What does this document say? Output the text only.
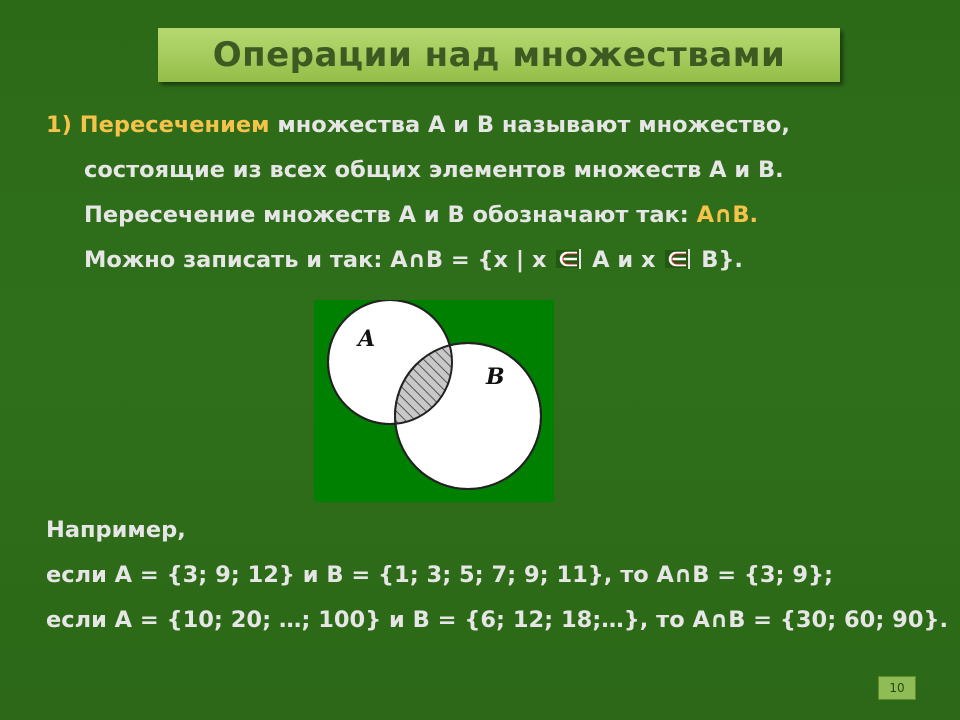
Операции над множествами
1) Пересечением множества А и В называют множество,
состоящие из всех общих элементов множеств А и В.
Пересечение множеств А и В обозначают так: А∩В.
Можно записать и так: А∩В = {х | х А и х В}.
A
B
Например,
если А = {3; 9; 12} и В = {1; 3; 5; 7; 9; 11}, то А∩В = {3; 9};
если А = {10; 20; …; 100} и В = {6; 12; 18;…}, то А∩В = {30; 60; 90}.
10
